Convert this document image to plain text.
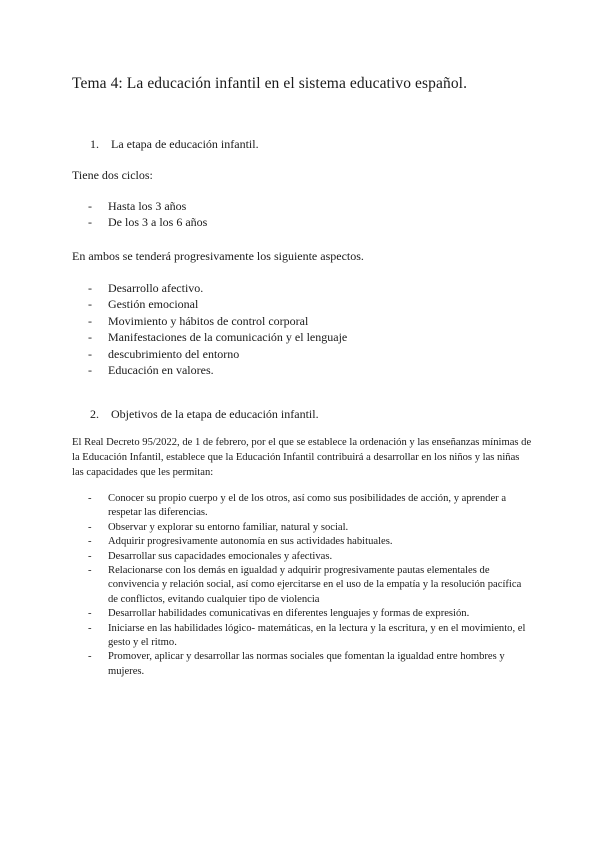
Tema 4: La educación infantil en el sistema educativo español.
1. La etapa de educación infantil.
Tiene dos ciclos:
- Hasta los 3 años
- De los 3 a los 6 años
En ambos se tenderá progresivamente los siguiente aspectos.
- Desarrollo afectivo.
- Gestión emocional
- Movimiento y hábitos de control corporal
- Manifestaciones de la comunicación y el lenguaje
- descubrimiento del entorno
- Educación en valores.
2. Objetivos de la etapa de educación infantil.
El Real Decreto 95/2022, de 1 de febrero, por el que se establece la ordenación y las enseñanzas mínimas de la Educación Infantil, establece que la Educación Infantil contribuirá a desarrollar en los niños y las niñas las capacidades que les permitan:
- Conocer su propio cuerpo y el de los otros, así como sus posibilidades de acción, y aprender a respetar las diferencias.
- Observar y explorar su entorno familiar, natural y social.
- Adquirir progresivamente autonomía en sus actividades habituales.
- Desarrollar sus capacidades emocionales y afectivas.
- Relacionarse con los demás en igualdad y adquirir progresivamente pautas elementales de convivencia y relación social, así como ejercitarse en el uso de la empatía y la resolución pacífica de conflictos, evitando cualquier tipo de violencia
- Desarrollar habilidades comunicativas en diferentes lenguajes y formas de expresión.
- Iniciarse en las habilidades lógico- matemáticas, en la lectura y la escritura, y en el movimiento, el gesto y el ritmo.
- Promover, aplicar y desarrollar las normas sociales que fomentan la igualdad entre hombres y mujeres.
